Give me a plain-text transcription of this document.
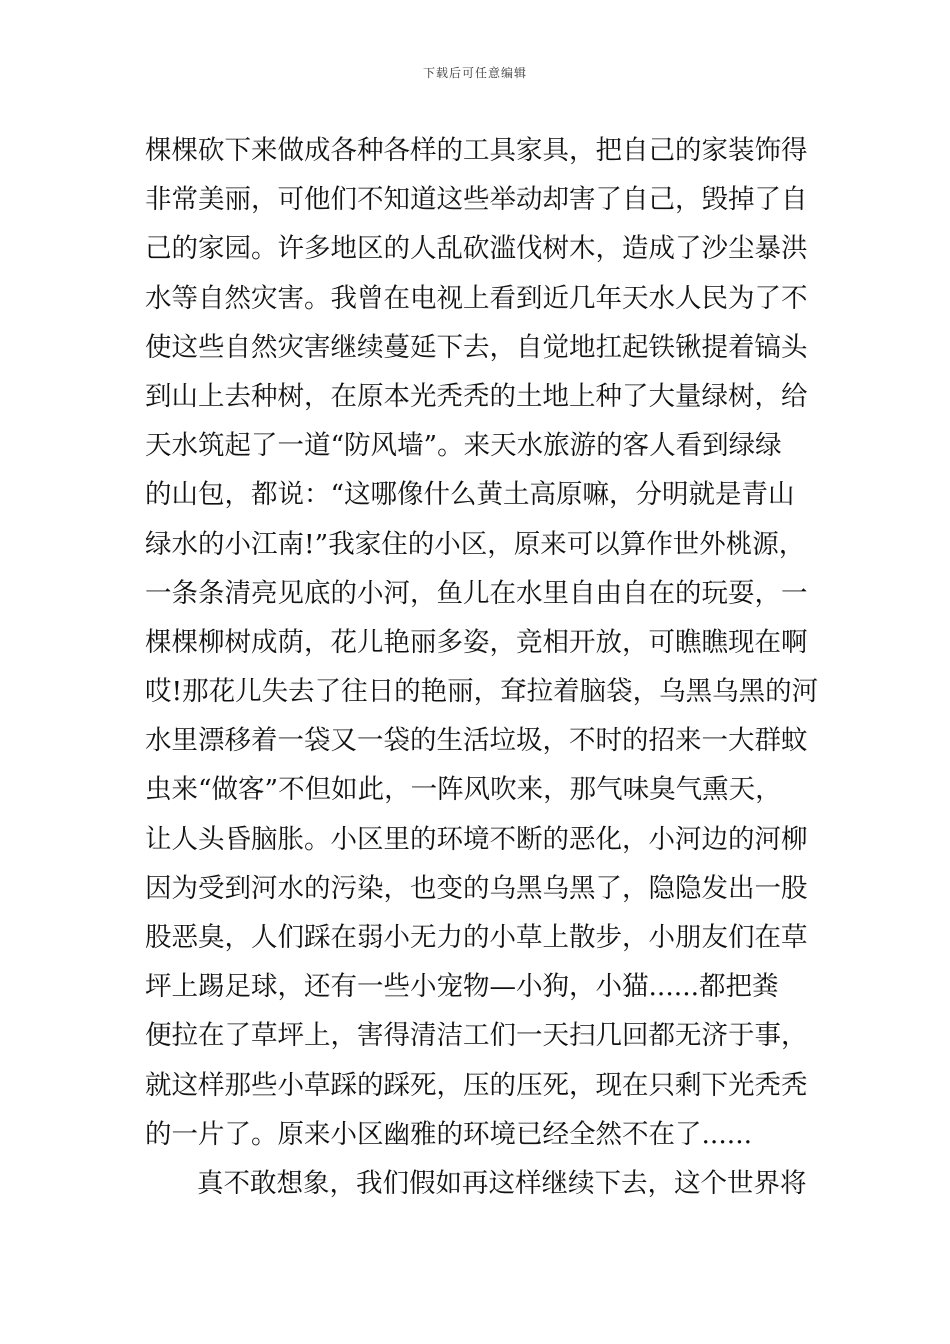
下载后可任意编辑
棵棵砍下来做成各种各样的工具家具，把自己的家装饰得
非常美丽，可他们不知道这些举动却害了自己，毁掉了自
己的家园。许多地区的人乱砍滥伐树木，造成了沙尘暴洪
水等自然灾害。我曾在电视上看到近几年天水人民为了不
使这些自然灾害继续蔓延下去，自觉地扛起铁锹提着镐头
到山上去种树，在原本光秃秃的土地上种了大量绿树，给
天水筑起了一道“防风墙”。来天水旅游的客人看到绿绿
的山包，都说：“这哪像什么黄土高原嘛，分明就是青山
绿水的小江南!”我家住的小区，原来可以算作世外桃源，
一条条清亮见底的小河，鱼儿在水里自由自在的玩耍，一
棵棵柳树成荫，花儿艳丽多姿，竞相开放，可瞧瞧现在啊
哎!那花儿失去了往日的艳丽，耷拉着脑袋，乌黑乌黑的河
水里漂移着一袋又一袋的生活垃圾，不时的招来一大群蚊
虫来“做客”不但如此，一阵风吹来，那气味臭气熏天，
让人头昏脑胀。小区里的环境不断的恶化，小河边的河柳
因为受到河水的污染，也变的乌黑乌黑了，隐隐发出一股
股恶臭，人们踩在弱小无力的小草上散步，小朋友们在草
坪上踢足球，还有一些小宠物—小狗，小猫......都把粪
便拉在了草坪上，害得清洁工们一天扫几回都无济于事，
就这样那些小草踩的踩死，压的压死，现在只剩下光秃秃
的一片了。原来小区幽雅的环境已经全然不在了......
真不敢想象，我们假如再这样继续下去，这个世界将
